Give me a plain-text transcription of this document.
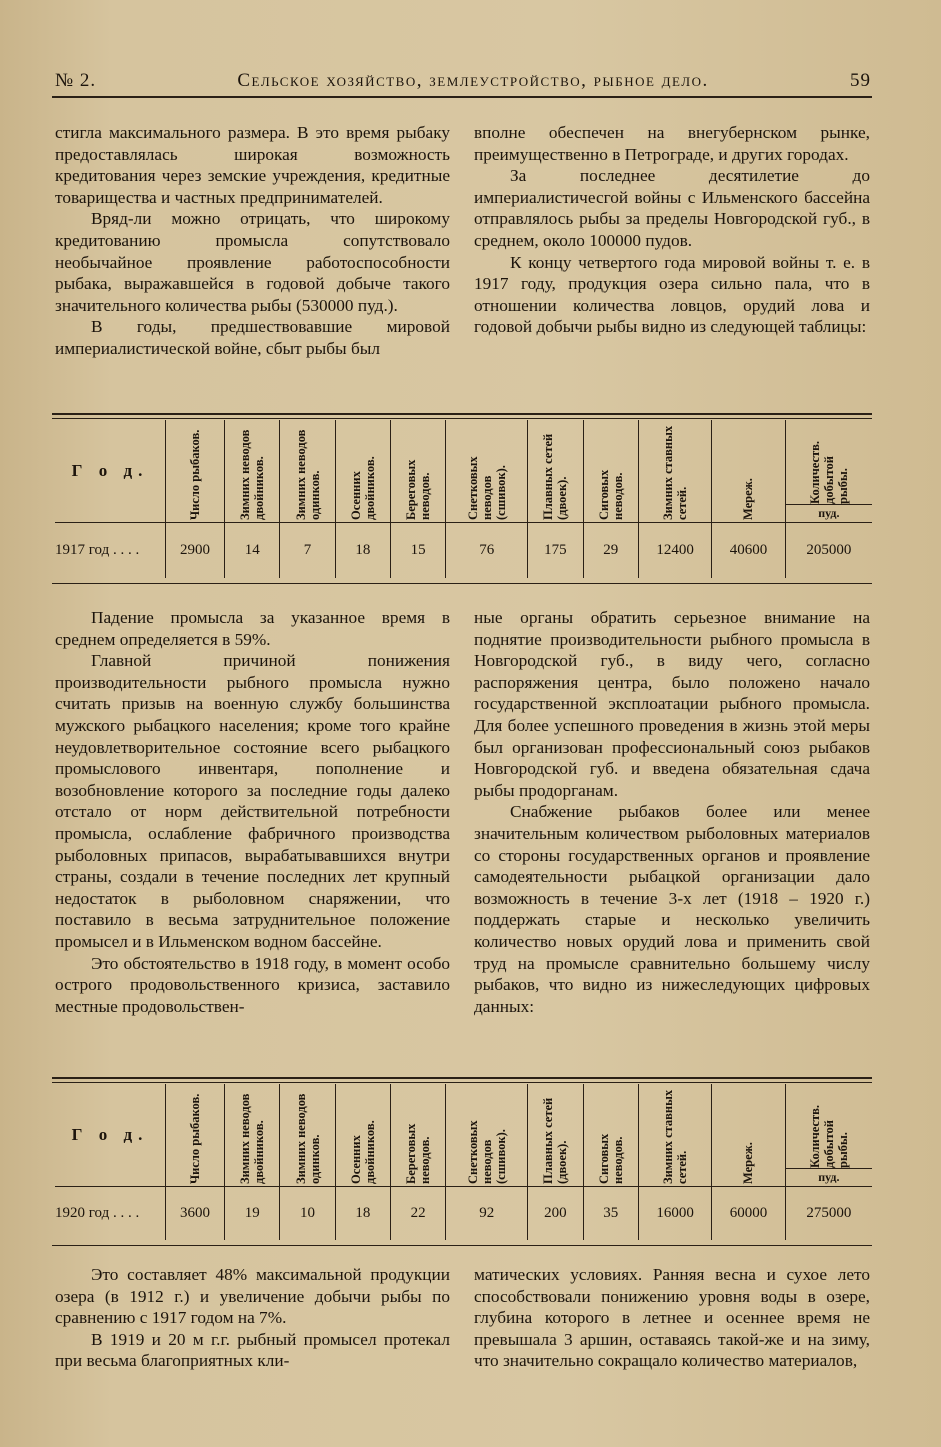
№ 2.	Сельское хозяйство, землеустройство, рыбное дело.	59

стигла максимального размера. В это время рыбаку предоставлялась широкая возможность кредитования через земские учреждения, кредитные товарищества и частных предпринимателей.

Вряд-ли можно отрицать, что широкому кредитованию промысла сопутствовало необычайное проявление работоспособности рыбака, выражавшейся в годовой добыче такого значительного количества рыбы (530000 пуд.).

В годы, предшествовавшие мировой империалистической войне, сбыт рыбы был

вполне обеспечен на внегубернском рынке, преимущественно в Петрограде, и других городах.

За последнее десятилетие до империалистичесгой войны с Ильменского бассейна отправлялось рыбы за пределы Новгородской губ., в среднем, около 100000 пудов.

К концу четвертого года мировой войны т. е. в 1917 году, продукция озера сильно пала, что в отношении количества ловцов, орудий лова и годовой добычи рыбы видно из следующей таблицы:

Г о д.	Число рыбаков.	Зимних неводов двойников.	Зимних неводов одинков.	Осенних двойников.	Береговых неводов.	Снетковых неводов (сшивок).	Плавных сетей (двоек).	Сиговых неводов.	Зимних ставных сетей.	Мереж.	Количеств. добытой рыбы.
пуд.

1917 год . . . .	2900	14	7	18	15	76	175	29	12400	40600	205000

Падение промысла за указанное время в среднем определяется в 59%.

Главной причиной понижения производительности рыбного промысла нужно считать призыв на военную службу большинства мужского рыбацкого населения; кроме того крайне неудовлетворительное состояние всего рыбацкого промыслового инвентаря, пополнение и возобновление которого за последние годы далеко отстало от норм действительной потребности промысла, ослабление фабричного производства рыболовных припасов, вырабатывавшихся внутри страны, создали в течение последних лет крупный недостаток в рыболовном снаряжении, что поставило в весьма затруднительное положение промысел и в Ильменском водном бассейне.

Это обстоятельство в 1918 году, в момент особо острого продовольственного кризиса, заставило местные продовольствен-

ные органы обратить серьезное внимание на поднятие производительности рыбного промысла в Новгородской губ., в виду чего, согласно распоряжения центра, было положено начало государственной эксплоатации рыбного промысла. Для более успешного проведения в жизнь этой меры был организован профессиональный союз рыбаков Новгородской губ. и введена обязательная сдача рыбы продорганам.

Снабжение рыбаков более или менее значительным количеством рыболовных материалов со стороны государственных органов и проявление самодеятельности рыбацкой организации дало возможность в течение 3-х лет (1918 – 1920 г.) поддержать старые и несколько увеличить количество новых орудий лова и применить свой труд на промысле сравнительно большему числу рыбаков, что видно из нижеследующих цифровых данных:

Г о д.	Число рыбаков.	Зимних неводов двойников.	Зимних неводов одинков.	Осенних двойников.	Береговых неводов.	Снетковых неводов (сшивок).	Плавных сетей (двоек).	Сиговых неводов.	Зимних ставных сетей.	Мереж.	Количеств. добытой рыбы.
пуд.

1920 год . . . .	3600	19	10	18	22	92	200	35	16000	60000	275000

Это составляет 48% максимальной продукции озера (в 1912 г.) и увеличение добычи рыбы по сравнению с 1917 годом на 7%.

В 1919 и 20 м г.г. рыбный промысел протекал при весьма благоприятных кли-

матических условиях. Ранняя весна и сухое лето способствовали понижению уровня воды в озере, глубина которого в летнее и осеннее время не превышала 3 аршин, оставаясь такой-же и на зиму, что значительно сокращало количество материалов,
